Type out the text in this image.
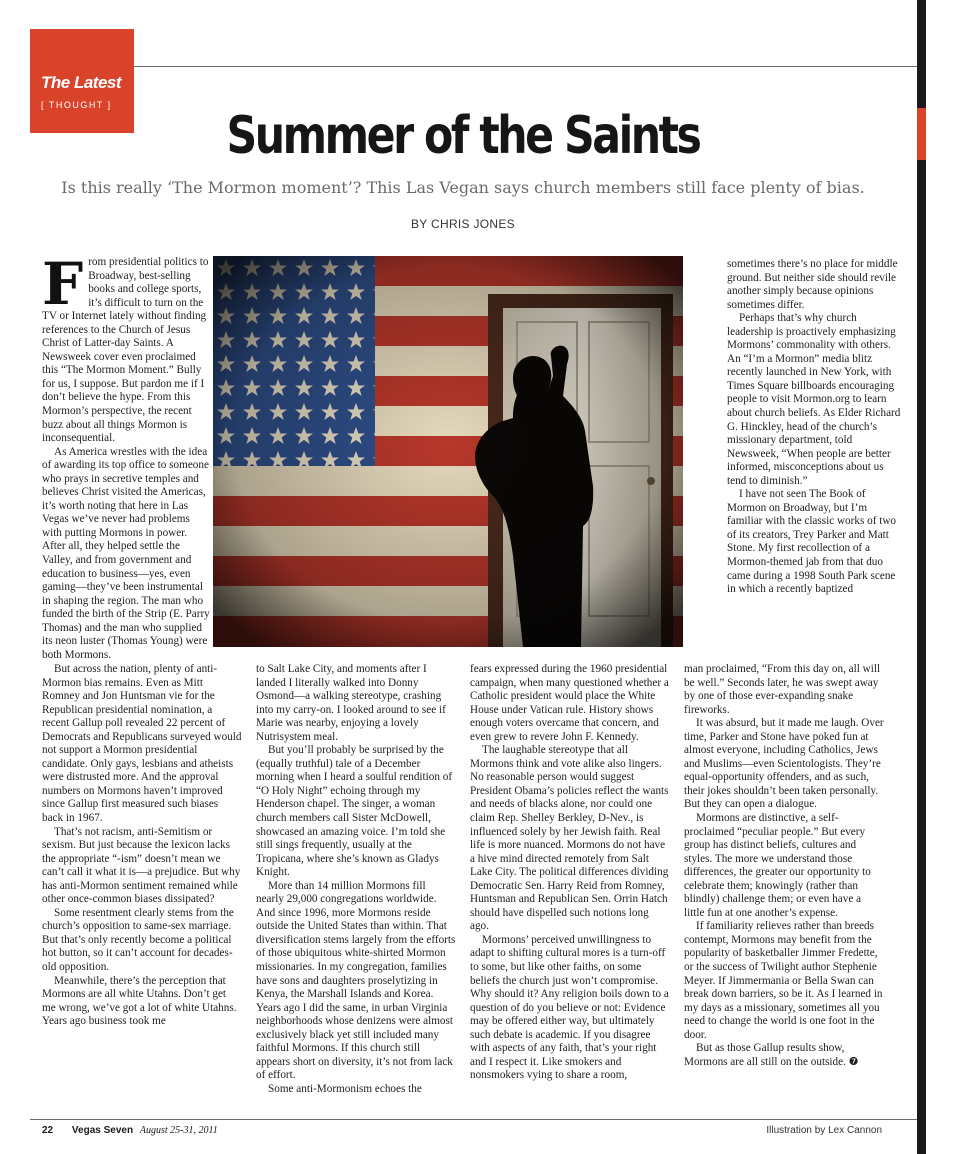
The Latest
[ THOUGHT ]
Summer of the Saints
Is this really ‘The Mormon moment’? This Las Vegan says church members still face plenty of bias.
BY CHRIS JONES
F rom presidential politics to Broadway, best-selling books and college sports, it’s difficult to turn on the TV or Internet lately without finding references to the Church of Jesus Christ of Latter-day Saints. A Newsweek cover even proclaimed this “The Mormon Moment.” Bully for us, I suppose. But pardon me if I don’t believe the hype. From this Mormon’s perspective, the recent buzz about all things Mormon is inconsequential.

As America wrestles with the idea of awarding its top office to someone who prays in secretive temples and believes Christ visited the Americas, it’s worth noting that here in Las Vegas we’ve never had problems with putting Mormons in power. After all, they helped settle the Valley, and from government and education to business—yes, even gaming—they’ve been instrumental in shaping the region. The man who funded the birth of the Strip (E. Parry Thomas) and the man who supplied its neon luster (Thomas Young) were both Mormons.

But across the nation, plenty of anti-Mormon bias remains. Even as Mitt Romney and Jon Huntsman vie for the Republican presidential nomination, a recent Gallup poll revealed 22 percent of Democrats and Republicans surveyed would not support a Mormon presidential candidate. Only gays, lesbians and atheists were distrusted more. And the approval numbers on Mormons haven’t improved since Gallup first measured such biases back in 1967.

That’s not racism, anti-Semitism or sexism. But just because the lexicon lacks the appropriate “-ism” doesn’t mean we can’t call it what it is—a prejudice. But why has anti-Mormon sentiment remained while other once-common biases dissipated?

Some resentment clearly stems from the church’s opposition to same-sex marriage. But that’s only recently become a political hot button, so it can’t account for decades-old opposition.

Meanwhile, there’s the perception that Mormons are all white Utahns. Don’t get me wrong, we’ve got a lot of white Utahns. Years ago business took me

to Salt Lake City, and moments after I landed I literally walked into Donny Osmond—a walking stereotype, crashing into my carry-on. I looked around to see if Marie was nearby, enjoying a lovely Nutrisystem meal.

But you’ll probably be surprised by the (equally truthful) tale of a December morning when I heard a soulful rendition of “O Holy Night” echoing through my Henderson chapel. The singer, a woman church members call Sister McDowell, showcased an amazing voice. I’m told she still sings frequently, usually at the Tropicana, where she’s known as Gladys Knight.

More than 14 million Mormons fill nearly 29,000 congregations worldwide. And since 1996, more Mormons reside outside the United States than within. That diversification stems largely from the efforts of those ubiquitous white-shirted Mormon missionaries. In my congregation, families have sons and daughters proselytizing in Kenya, the Marshall Islands and Korea. Years ago I did the same, in urban Virginia neighborhoods whose denizens were almost exclusively black yet still included many faithful Mormons. If this church still appears short on diversity, it’s not from lack of effort.

Some anti-Mormonism echoes the

fears expressed during the 1960 presidential campaign, when many questioned whether a Catholic president would place the White House under Vatican rule. History shows enough voters overcame that concern, and even grew to revere John F. Kennedy.

The laughable stereotype that all Mormons think and vote alike also lingers. No reasonable person would suggest President Obama’s policies reflect the wants and needs of blacks alone, nor could one claim Rep. Shelley Berkley, D-Nev., is influenced solely by her Jewish faith. Real life is more nuanced. Mormons do not have a hive mind directed remotely from Salt Lake City. The political differences dividing Democratic Sen. Harry Reid from Romney, Huntsman and Republican Sen. Orrin Hatch should have dispelled such notions long ago.

Mormons’ perceived unwillingness to adapt to shifting cultural mores is a turn-off to some, but like other faiths, on some beliefs the church just won’t compromise. Why should it? Any religion boils down to a question of do you believe or not: Evidence may be offered either way, but ultimately such debate is academic. If you disagree with aspects of any faith, that’s your right and I respect it. Like smokers and nonsmokers vying to share a room,

sometimes there’s no place for middle ground. But neither side should revile another simply because opinions sometimes differ.

Perhaps that’s why church leadership is proactively emphasizing Mormons’ commonality with others. An “I’m a Mormon” media blitz recently launched in New York, with Times Square billboards encouraging people to visit Mormon.org to learn about church beliefs. As Elder Richard G. Hinckley, head of the church’s missionary department, told Newsweek, “When people are better informed, misconceptions about us tend to diminish.”

I have not seen The Book of Mormon on Broadway, but I’m familiar with the classic works of two of its creators, Trey Parker and Matt Stone. My first recollection of a Mormon-themed jab from that duo came during a 1998 South Park scene in which a recently baptized

man proclaimed, “From this day on, all will be well.” Seconds later, he was swept away by one of those ever-expanding snake fireworks.

It was absurd, but it made me laugh. Over time, Parker and Stone have poked fun at almost everyone, including Catholics, Jews and Muslims—even Scientologists. They’re equal-opportunity offenders, and as such, their jokes shouldn’t been taken personally. But they can open a dialogue.

Mormons are distinctive, a self-proclaimed “peculiar people.” But every group has distinct beliefs, cultures and styles. The more we understand those differences, the greater our opportunity to celebrate them; knowingly (rather than blindly) challenge them; or even have a little fun at one another’s expense.

If familiarity relieves rather than breeds contempt, Mormons may benefit from the popularity of basketballer Jimmer Fredette, or the success of Twilight author Stephenie Meyer. If Jimmermania or Bella Swan can break down barriers, so be it. As I learned in my days as a missionary, sometimes all you need to change the world is one foot in the door.

But as those Gallup results show, Mormons are all still on the outside. ❼

22 Vegas Seven August 25-31, 2011	Illustration by Lex Cannon
